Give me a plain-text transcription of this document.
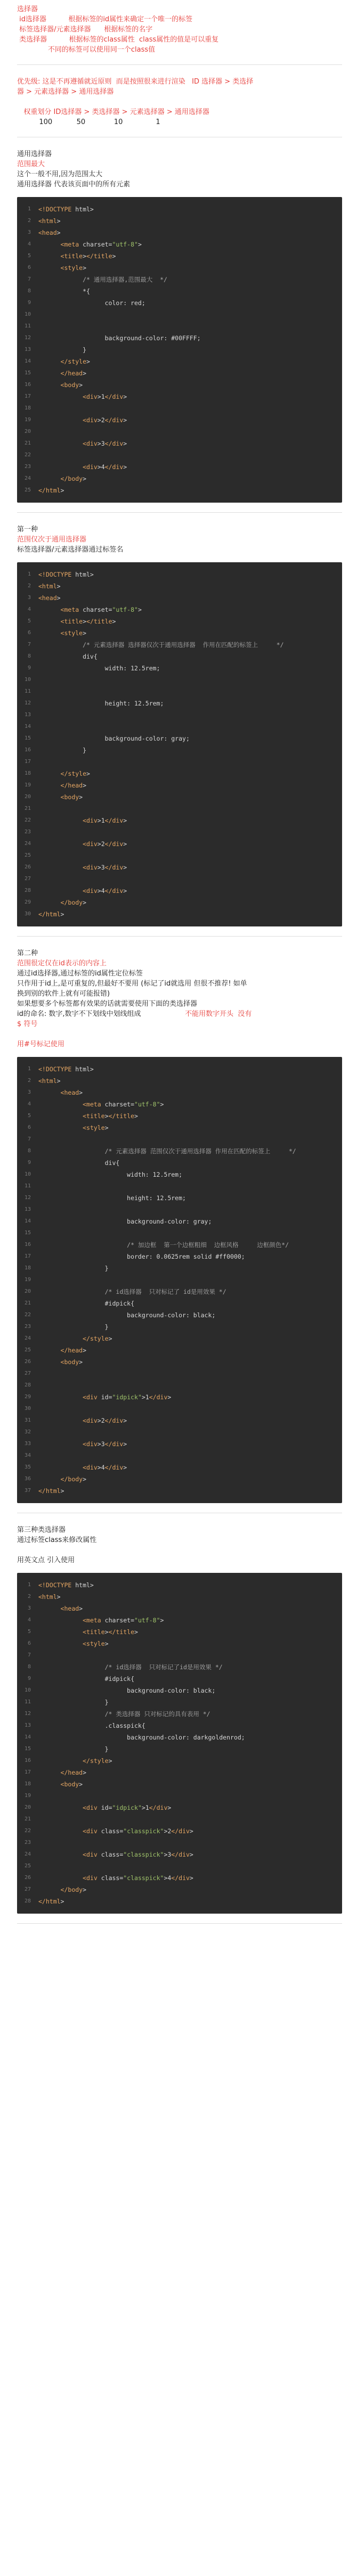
选择器

id选择器          根据标签的id属性来确定一个唯一的标签

标签选择器/元素选择器      根据标签的名字

类选择器          根据标签的class属性  class属性的值是可以重复

不同的标签可以使用同一个class值

优先级: 这是不再遵循就近原则  而是按照很来进行渲染   ID 选择器 > 类选择

器 > 元素选择器 > 通用选择器

权重划分 ID选择器 > 类选择器 > 元素选择器 > 通用选择器

100           50             10               1

通用选择器

范围最大

这个一般不用,因为范围太大

通用选择器 代表该页面中的所有元素

1	<!DOCTYPE html>
2	<html>
3	<head>
4	<meta charset="utf-8">
5	<title></title>
6	<style>
7	/* 通用选择器,范围最大  */
8	*{
9	color: red;
10
11
12	background-color: #00FFFF;
13	}
14	</style>
15	</head>
16	<body>
17	<div>1</div>
18
19	<div>2</div>
20
21	<div>3</div>
22
23	<div>4</div>
24	</body>
25	</html>

第一种

范围仅次于通用选择器

标签选择器/元素选择器通过标签名

1	<!DOCTYPE html>
2	<html>
3	<head>
4	<meta charset="utf-8">
5	<title></title>
6	<style>
7	/* 元素选择器 选择器仅次于通用选择器  作用在匹配的标签上     */
8	div{
9	width: 12.5rem;
10
11
12	height: 12.5rem;
13
14
15	background-color: gray;
16	}
17
18	</style>
19	</head>
20	<body>
21
22	<div>1</div>
23
24	<div>2</div>
25
26	<div>3</div>
27
28	<div>4</div>
29	</body>
30	</html>

第二种

范围很定仅在id表示的内容上

通过id选择器,通过标签的id属性定位标签

只作用于id上,是可重复的,但最好不要用 (标记了id就选用 但很不推荐! 如单

换到别的软件上就有可能报错)

如果想要多个标签都有效果的话就需要使用下面的类选择器

id的命名: 数字,数字不下划线中划线组成                    不能用数字开头  没有

$ 符号

用#号标记使用

1	<!DOCTYPE html>
2	<html>
3	<head>
4	<meta charset="utf-8">
5	<title></title>
6	<style>
7
8	/* 元素选择器 范围仅次于通用选择器 作用在匹配的标签上     */
9	div{
10	width: 12.5rem;
11
12	height: 12.5rem;
13
14	background-color: gray;
15
16	/* 加边框  第一个边框粗细  边框风格     边框颜色*/
17	border: 0.0625rem solid #ff0000;
18	}
19
20	/* id选择器  只对标记了 id是用效果 */
21	#idpick{
22	background-color: black;
23	}
24	</style>
25	</head>
26	<body>
27
28
29	<div id="idpick">1</div>
30
31	<div>2</div>
32
33	<div>3</div>
34
35	<div>4</div>
36	</body>
37	</html>

第三种类选择器

通过标签class来修改属性

用英文点 引入使用

1	<!DOCTYPE html>
2	<html>
3	<head>
4	<meta charset="utf-8">
5	<title></title>
6	<style>
7
8	/* id选择器  只对标记了id是用效果 */
9	#idpick{
10	background-color: black;
11	}
12	/* 类选择器 只对标记的具有表用 */
13	.classpick{
14	background-color: darkgoldenrod;
15	}
16	</style>
17	</head>
18	<body>
19
20	<div id="idpick">1</div>
21
22	<div class="classpick">2</div>
23
24	<div class="classpick">3</div>
25
26	<div class="classpick">4</div>
27	</body>
28	</html>
